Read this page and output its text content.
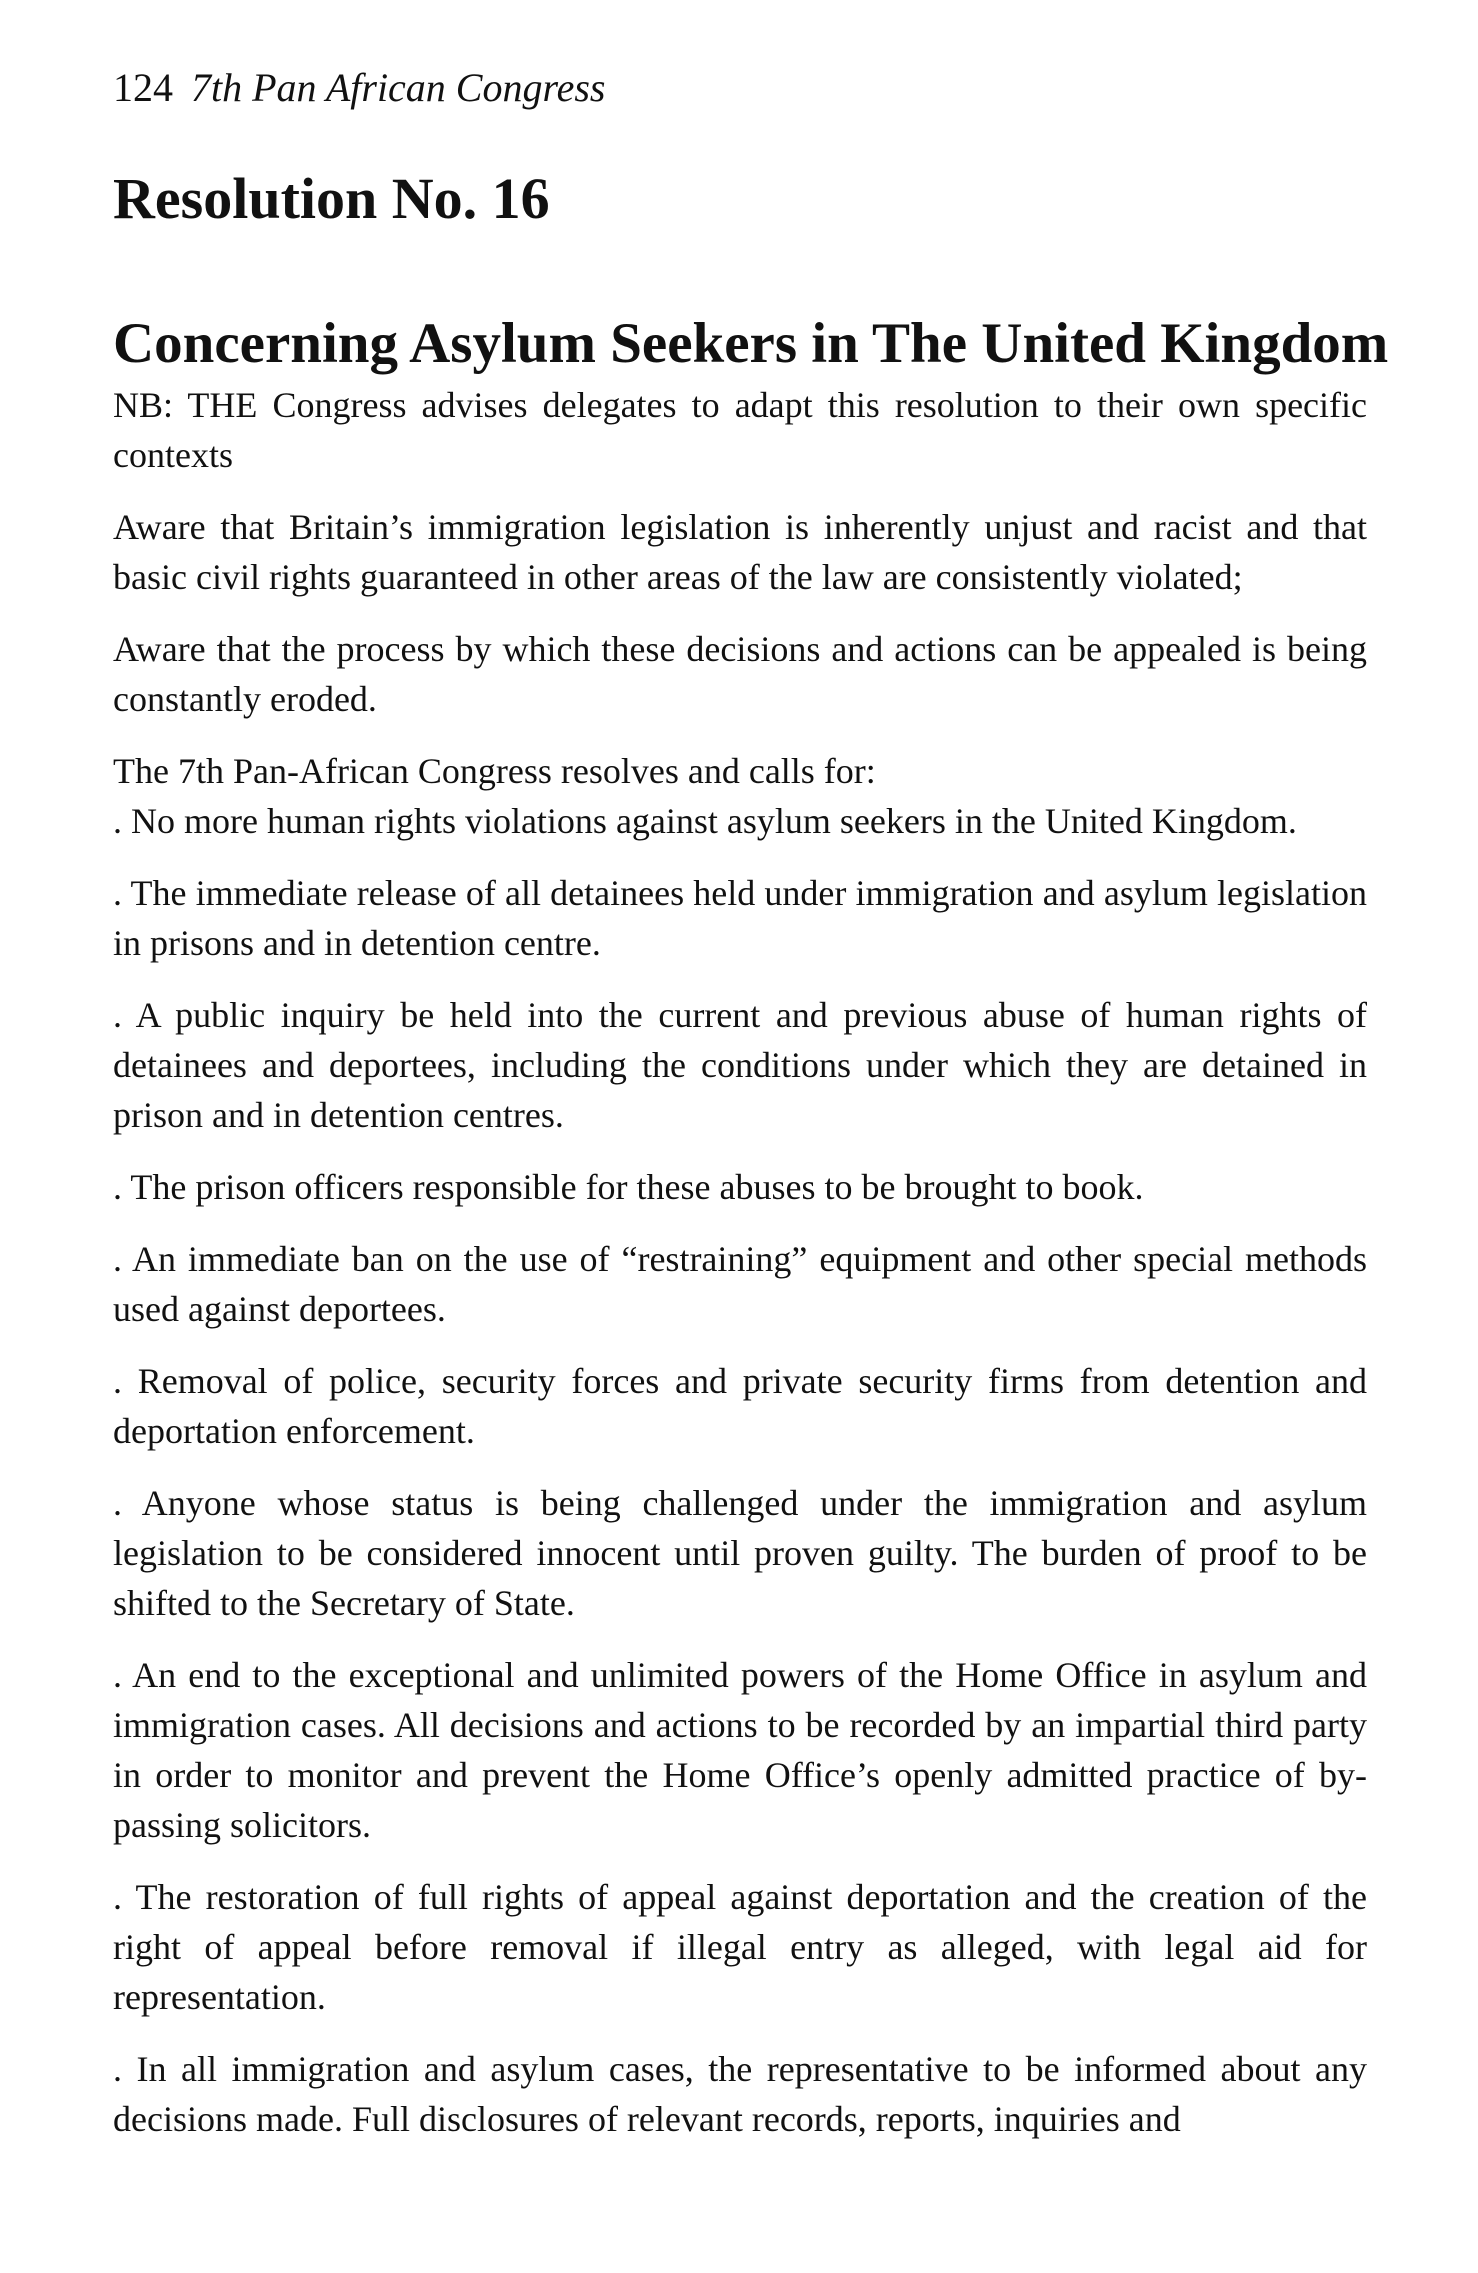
124 7th Pan African Congress
Resolution No. 16
Concerning Asylum Seekers in The United Kingdom
NB: THE Congress advises delegates to adapt this resolution to their own specific contexts
Aware that Britain’s immigration legislation is inherently unjust and racist and that basic civil rights guaranteed in other areas of the law are consistently violated;
Aware that the process by which these decisions and actions can be appealed is being constantly eroded.
The 7th Pan-African Congress resolves and calls for:
. No more human rights violations against asylum seekers in the United Kingdom.
. The immediate release of all detainees held under immigration and asylum legislation in prisons and in detention centre.
. A public inquiry be held into the current and previous abuse of human rights of detainees and deportees, including the conditions under which they are detained in prison and in detention centres.
. The prison officers responsible for these abuses to be brought to book.
. An immediate ban on the use of “restraining” equipment and other special methods used against deportees.
. Removal of police, security forces and private security firms from detention and deportation enforcement.
. Anyone whose status is being challenged under the immigration and asylum legislation to be considered innocent until proven guilty. The burden of proof to be shifted to the Secretary of State.
. An end to the exceptional and unlimited powers of the Home Office in asylum and immigration cases. All decisions and actions to be recorded by an impartial third party in order to monitor and prevent the Home Office’s openly admitted practice of by-passing solicitors.
. The restoration of full rights of appeal against deportation and the creation of the right of appeal before removal if illegal entry as alleged, with legal aid for representation.
. In all immigration and asylum cases, the representative to be informed about any decisions made. Full disclosures of relevant records, reports, inquiries and
